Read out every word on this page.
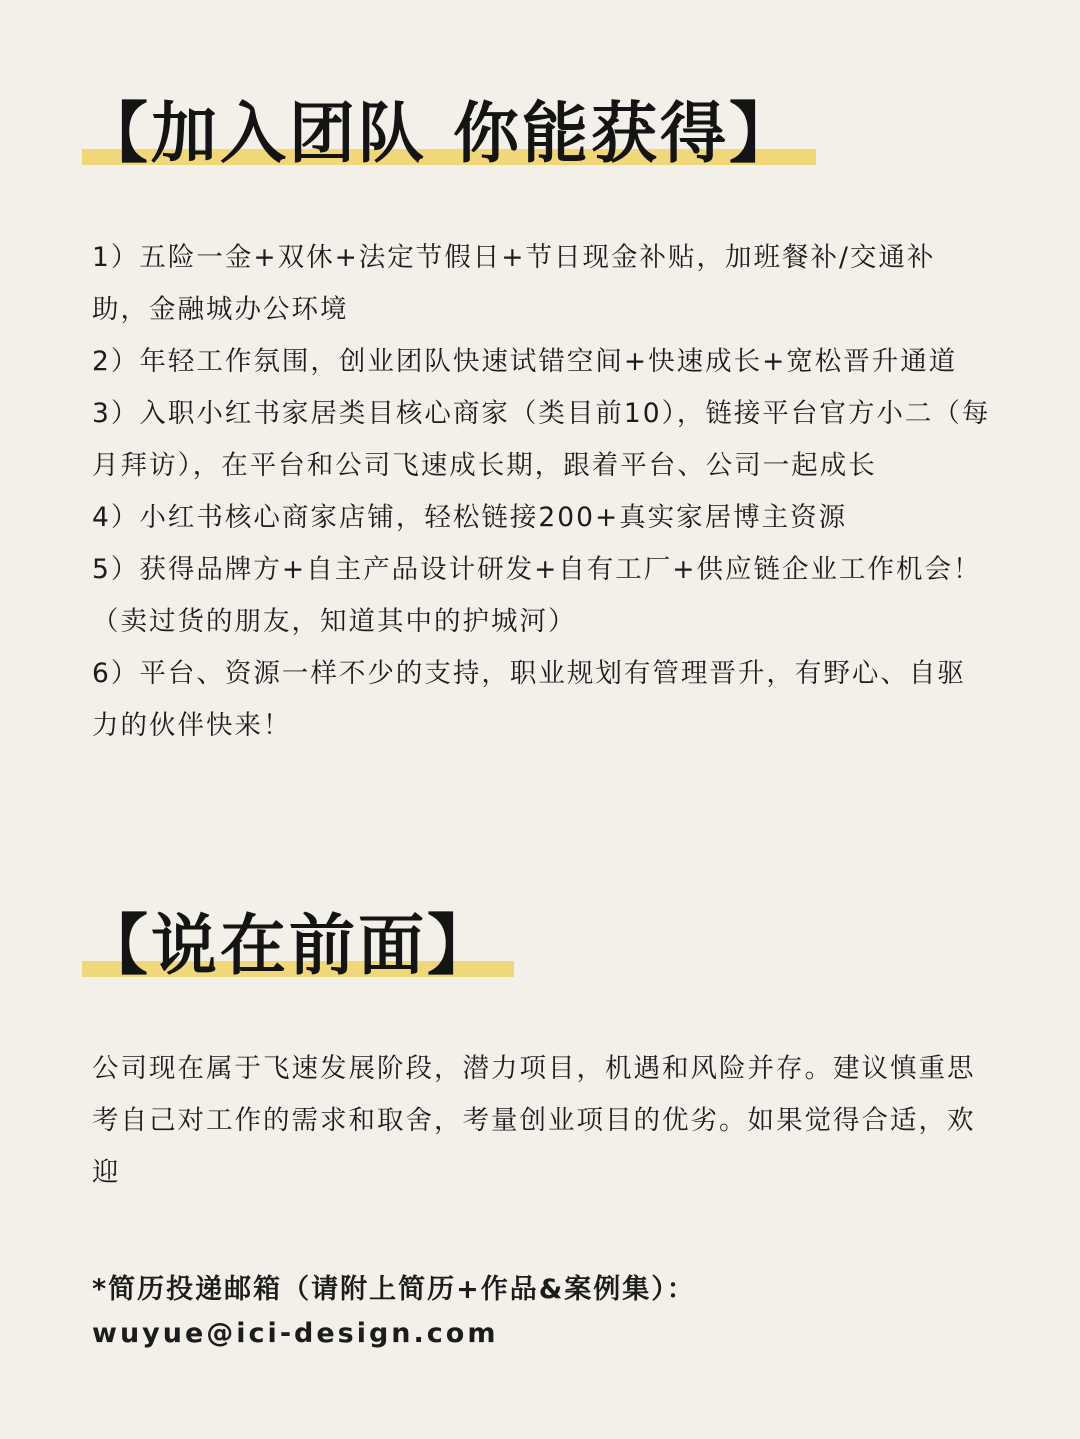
【加入团队 你能获得】
1）五险一金+双休+法定节假日+节日现金补贴，加班餐补/交通补助，金融城办公环境
2）年轻工作氛围，创业团队快速试错空间+快速成长+宽松晋升通道
3）入职小红书家居类目核心商家（类目前10），链接平台官方小二（每月拜访），在平台和公司飞速成长期，跟着平台、公司一起成长
4）小红书核心商家店铺，轻松链接200+真实家居博主资源
5）获得品牌方+自主产品设计研发+自有工厂+供应链企业工作机会！（卖过货的朋友，知道其中的护城河）
6）平台、资源一样不少的支持，职业规划有管理晋升，有野心、自驱力的伙伴快来！
【说在前面】

公司现在属于飞速发展阶段，潜力项目，机遇和风险并存。建议慎重思考自己对工作的需求和取舍，考量创业项目的优劣。如果觉得合适，欢迎

*简历投递邮箱（请附上简历+作品&案例集）：
wuyue@ici-design.com
